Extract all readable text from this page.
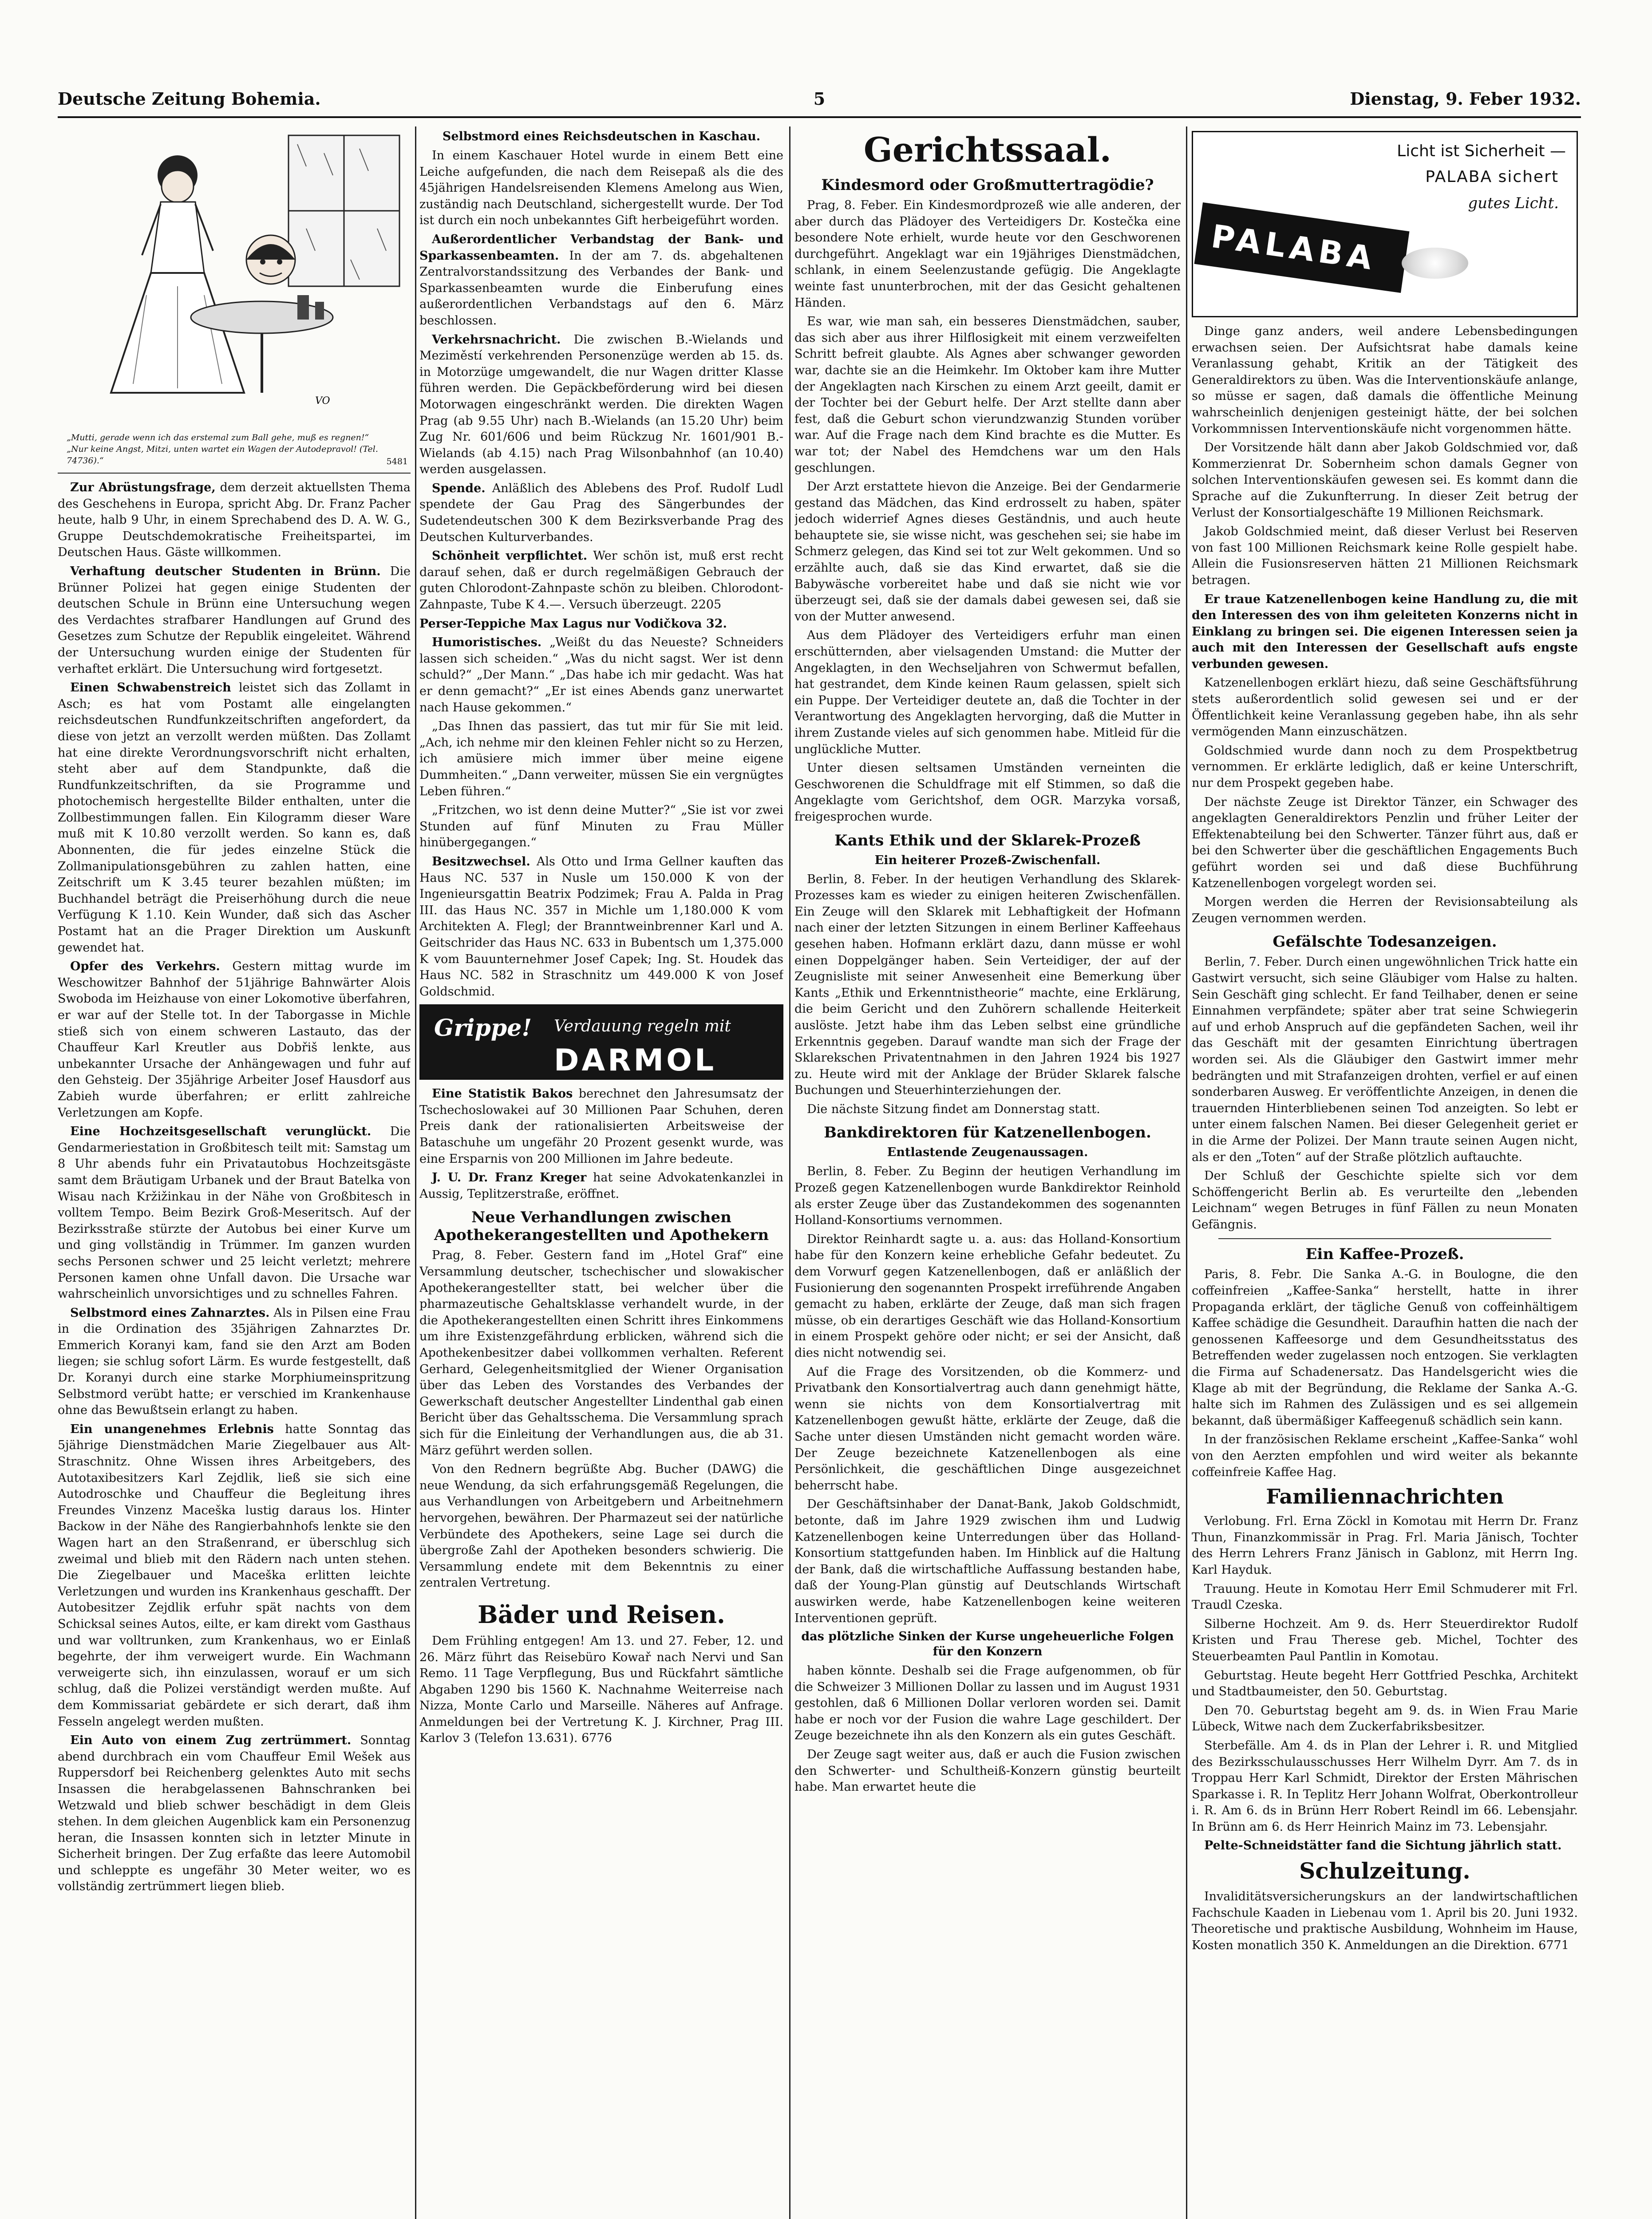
Deutsche Zeitung Bohemia.	5	Dienstag, 9. Feber 1932.
VO
„Mutti, gerade wenn ich das erstemal zum Ball gehe, muß es regnen!“
„Nur keine Angst, Mitzi, unten wartet ein Wagen der Autodepravol! (Tel. 74736).“	5481

Zur Abrüstungsfrage, dem derzeit aktuellsten Thema des Geschehens in Europa, spricht Abg. Dr. Franz Pacher heute, halb 9 Uhr, in einem Sprechabend des D. A. W. G., Gruppe Deutschdemokratische Freiheitspartei, im Deutschen Haus. Gäste willkommen.

Verhaftung deutscher Studenten in Brünn. Die Brünner Polizei hat gegen einige Studenten der deutschen Schule in Brünn eine Untersuchung wegen des Verdachtes strafbarer Handlungen auf Grund des Gesetzes zum Schutze der Republik eingeleitet. Während der Untersuchung wurden einige der Studenten für verhaftet erklärt. Die Untersuchung wird fortgesetzt.

Einen Schwabenstreich leistet sich das Zollamt in Asch; es hat vom Postamt alle eingelangten reichsdeutschen Rundfunkzeitschriften angefordert, da diese von jetzt an verzollt werden müßten. Das Zollamt hat eine direkte Verordnungsvorschrift nicht erhalten, steht aber auf dem Standpunkte, daß die Rundfunkzeitschriften, da sie Programme und photochemisch hergestellte Bilder enthalten, unter die Zollbestimmungen fallen. Ein Kilogramm dieser Ware muß mit K 10.80 verzollt werden. So kann es, daß Abonnenten, die für jedes einzelne Stück die Zollmanipulationsgebühren zu zahlen hatten, eine Zeitschrift um K 3.45 teurer bezahlen müßten; im Buchhandel beträgt die Preiserhöhung durch die neue Verfügung K 1.10. Kein Wunder, daß sich das Ascher Postamt hat an die Prager Direktion um Auskunft gewendet hat.

Opfer des Verkehrs. Gestern mittag wurde im Weschowitzer Bahnhof der 51jährige Bahnwärter Alois Swoboda im Heizhause von einer Lokomotive überfahren, er war auf der Stelle tot. In der Taborgasse in Michle stieß sich von einem schweren Lastauto, das der Chauffeur Karl Kreutler aus Dobřiš lenkte, aus unbekannter Ursache der Anhängewagen und fuhr auf den Gehsteig. Der 35jährige Arbeiter Josef Hausdorf aus Zabieh wurde überfahren; er erlitt zahlreiche Verletzungen am Kopfe.

Eine Hochzeitsgesellschaft verunglückt. Die Gendarmeriestation in Großbitesch teilt mit: Samstag um 8 Uhr abends fuhr ein Privatautobus Hochzeitsgäste samt dem Bräutigam Urbanek und der Braut Batelka von Wisau nach Kržižinkau in der Nähe von Großbitesch in volltem Tempo. Beim Bezirk Groß-Meseritsch. Auf der Bezirksstraße stürzte der Autobus bei einer Kurve um und ging vollständig in Trümmer. Im ganzen wurden sechs Personen schwer und 25 leicht verletzt; mehrere Personen kamen ohne Unfall davon. Die Ursache war wahrscheinlich unvorsichtiges und zu schnelles Fahren.

Selbstmord eines Zahnarztes. Als in Pilsen eine Frau in die Ordination des 35jährigen Zahnarztes Dr. Emmerich Koranyi kam, fand sie den Arzt am Boden liegen; sie schlug sofort Lärm. Es wurde festgestellt, daß Dr. Koranyi durch eine starke Morphiumeinspritzung Selbstmord verübt hatte; er verschied im Krankenhause ohne das Bewußtsein erlangt zu haben.

Ein unangenehmes Erlebnis hatte Sonntag das 5jährige Dienstmädchen Marie Ziegelbauer aus Alt-Straschnitz. Ohne Wissen ihres Arbeitgebers, des Autotaxibesitzers Karl Zejdlik, ließ sie sich eine Autodroschke und Chauffeur die Begleitung ihres Freundes Vinzenz Maceška lustig daraus los. Hinter Backow in der Nähe des Rangierbahnhofs lenkte sie den Wagen hart an den Straßenrand, er überschlug sich zweimal und blieb mit den Rädern nach unten stehen. Die Ziegelbauer und Maceška erlitten leichte Verletzungen und wurden ins Krankenhaus geschafft. Der Autobesitzer Zejdlik erfuhr spät nachts von dem Schicksal seines Autos, eilte, er kam direkt vom Gasthaus und war volltrunken, zum Krankenhaus, wo er Einlaß begehrte, der ihm verweigert wurde. Ein Wachmann verweigerte sich, ihn einzulassen, worauf er um sich schlug, daß die Polizei verständigt werden mußte. Auf dem Kommissariat gebärdete er sich derart, daß ihm Fesseln angelegt werden mußten.

Ein Auto von einem Zug zertrümmert. Sonntag abend durchbrach ein vom Chauffeur Emil Wešek aus Ruppersdorf bei Reichenberg gelenktes Auto mit sechs Insassen die herabgelassenen Bahnschranken bei Wetzwald und blieb schwer beschädigt in dem Gleis stehen. In dem gleichen Augenblick kam ein Personenzug heran, die Insassen konnten sich in letzter Minute in Sicherheit bringen. Der Zug erfaßte das leere Automobil und schleppte es ungefähr 30 Meter weiter, wo es vollständig zertrümmert liegen blieb.

Selbstmord eines Reichsdeutschen in Kaschau.

In einem Kaschauer Hotel wurde in einem Bett eine Leiche aufgefunden, die nach dem Reisepaß als die des 45jährigen Handelsreisenden Klemens Amelong aus Wien, zuständig nach Deutschland, sichergestellt wurde. Der Tod ist durch ein noch unbekanntes Gift herbeigeführt worden.

Außerordentlicher Verbandstag der Bank- und Sparkassenbeamten. In der am 7. ds. abgehaltenen Zentralvorstandssitzung des Verbandes der Bank- und Sparkassenbeamten wurde die Einberufung eines außerordentlichen Verbandstags auf den 6. März beschlossen.

Verkehrsnachricht. Die zwischen B.-Wielands und Meziměstí verkehrenden Personenzüge werden ab 15. ds. in Motorzüge umgewandelt, die nur Wagen dritter Klasse führen werden. Die Gepäckbeförderung wird bei diesen Motorwagen eingeschränkt werden. Die direkten Wagen Prag (ab 9.55 Uhr) nach B.-Wielands (an 15.20 Uhr) beim Zug Nr. 601/606 und beim Rückzug Nr. 1601/901 B.-Wielands (ab 4.15) nach Prag Wilsonbahnhof (an 10.40) werden ausgelassen.

Spende. Anläßlich des Ablebens des Prof. Rudolf Ludl spendete der Gau Prag des Sängerbundes der Sudetendeutschen 300 K dem Bezirksverbande Prag des Deutschen Kulturverbandes.

Schönheit verpflichtet. Wer schön ist, muß erst recht darauf sehen, daß er durch regelmäßigen Gebrauch der guten Chlorodont-Zahnpaste schön zu bleiben. Chlorodont-Zahnpaste, Tube K 4.—. Versuch überzeugt. 2205

Perser-Teppiche Max Lagus nur Vodičkova 32.

Humoristisches. „Weißt du das Neueste? Schneiders lassen sich scheiden.“ „Was du nicht sagst. Wer ist denn schuld?“ „Der Mann.“ „Das habe ich mir gedacht. Was hat er denn gemacht?“ „Er ist eines Abends ganz unerwartet nach Hause gekommen.“

„Das Ihnen das passiert, das tut mir für Sie mit leid. „Ach, ich nehme mir den kleinen Fehler nicht so zu Herzen, ich amüsiere mich immer über meine eigene Dummheiten.“ „Dann verweiter, müssen Sie ein vergnügtes Leben führen.“

„Fritzchen, wo ist denn deine Mutter?“ „Sie ist vor zwei Stunden auf fünf Minuten zu Frau Müller hinübergegangen.“

Besitzwechsel. Als Otto und Irma Gellner kauften das Haus NC. 537 in Nusle um 150.000 K von der Ingenieursgattin Beatrix Podzimek; Frau A. Palda in Prag III. das Haus NC. 357 in Michle um 1,180.000 K vom Architekten A. Flegl; der Branntweinbrenner Karl und A. Geitschrider das Haus NC. 633 in Bubentsch um 1,375.000 K vom Bauunternehmer Josef Capek; Ing. St. Houdek das Haus NC. 582 in Straschnitz um 449.000 K von Josef Goldschmid.

Grippe! Verdauung regeln mit
DARMOL

Eine Statistik Bakos berechnet den Jahresumsatz der Tschechoslowakei auf 30 Millionen Paar Schuhen, deren Preis dank der rationalisierten Arbeitsweise der Bataschuhe um ungefähr 20 Prozent gesenkt wurde, was eine Ersparnis von 200 Millionen im Jahre bedeute.

J. U. Dr. Franz Kreger hat seine Advokatenkanzlei in Aussig, Teplitzerstraße, eröffnet.

Neue Verhandlungen zwischen Apothekerangestellten und Apothekern

Prag, 8. Feber. Gestern fand im „Hotel Graf“ eine Versammlung deutscher, tschechischer und slowakischer Apothekerangestellter statt, bei welcher über die pharmazeutische Gehaltsklasse verhandelt wurde, in der die Apothekerangestellten einen Schritt ihres Einkommens um ihre Existenzgefährdung erblicken, während sich die Apothekenbesitzer dabei vollkommen verhalten. Referent Gerhard, Gelegenheitsmitglied der Wiener Organisation über das Leben des Vorstandes des Verbandes der Gewerkschaft deutscher Angestellter Lindenthal gab einen Bericht über das Gehaltsschema. Die Versammlung sprach sich für die Einleitung der Verhandlungen aus, die ab 31. März geführt werden sollen.

Von den Rednern begrüßte Abg. Bucher (DAWG) die neue Wendung, da sich erfahrungsgemäß Regelungen, die aus Verhandlungen von Arbeitgebern und Arbeitnehmern hervorgehen, bewähren. Der Pharmazeut sei der natürliche Verbündete des Apothekers, seine Lage sei durch die übergroße Zahl der Apotheken besonders schwierig. Die Versammlung endete mit dem Bekenntnis zu einer zentralen Vertretung.

Bäder und Reisen.

Dem Frühling entgegen! Am 13. und 27. Feber, 12. und 26. März führt das Reisebüro Kowař nach Nervi und San Remo. 11 Tage Verpflegung, Bus und Rückfahrt sämtliche Abgaben 1290 bis 1560 K. Nachnahme Weiterreise nach Nizza, Monte Carlo und Marseille. Näheres auf Anfrage. Anmeldungen bei der Vertretung K. J. Kirchner, Prag III. Karlov 3 (Telefon 13.631). 6776

Gerichtssaal.
Kindesmord oder Großmuttertragödie?

Prag, 8. Feber. Ein Kindesmordprozeß wie alle anderen, der aber durch das Plädoyer des Verteidigers Dr. Kostečka eine besondere Note erhielt, wurde heute vor den Geschworenen durchgeführt. Angeklagt war ein 19jähriges Dienstmädchen, schlank, in einem Seelenzustande gefügig. Die Angeklagte weinte fast ununterbrochen, mit der das Gesicht gehaltenen Händen.

Es war, wie man sah, ein besseres Dienstmädchen, sauber, das sich aber aus ihrer Hilflosigkeit mit einem verzweifelten Schritt befreit glaubte. Als Agnes aber schwanger geworden war, dachte sie an die Heimkehr. Im Oktober kam ihre Mutter der Angeklagten nach Kirschen zu einem Arzt geeilt, damit er der Tochter bei der Geburt helfe. Der Arzt stellte dann aber fest, daß die Geburt schon vierundzwanzig Stunden vorüber war. Auf die Frage nach dem Kind brachte es die Mutter. Es war tot; der Nabel des Hemdchens war um den Hals geschlungen.

Der Arzt erstattete hievon die Anzeige. Bei der Gendarmerie gestand das Mädchen, das Kind erdrosselt zu haben, später jedoch widerrief Agnes dieses Geständnis, und auch heute behauptete sie, sie wisse nicht, was geschehen sei; sie habe im Schmerz gelegen, das Kind sei tot zur Welt gekommen. Und so erzählte auch, daß sie das Kind erwartet, daß sie die Babywäsche vorbereitet habe und daß sie nicht wie vor überzeugt sei, daß sie der damals dabei gewesen sei, daß sie von der Mutter anwesend.

Aus dem Plädoyer des Verteidigers erfuhr man einen erschütternden, aber vielsagenden Umstand: die Mutter der Angeklagten, in den Wechseljahren von Schwermut befallen, hat gestrandet, dem Kinde keinen Raum gelassen, spielt sich ein Puppe. Der Verteidiger deutete an, daß die Tochter in der Verantwortung des Angeklagten hervorging, daß die Mutter in ihrem Zustande vieles auf sich genommen habe. Mitleid für die unglückliche Mutter.

Unter diesen seltsamen Umständen verneinten die Geschworenen die Schuldfrage mit elf Stimmen, so daß die Angeklagte vom Gerichtshof, dem OGR. Marzyka vorsaß, freigesprochen wurde.

Kants Ethik und der Sklarek-Prozeß
Ein heiterer Prozeß-Zwischenfall.

Berlin, 8. Feber. In der heutigen Verhandlung des Sklarek-Prozesses kam es wieder zu einigen heiteren Zwischenfällen. Ein Zeuge will den Sklarek mit Lebhaftigkeit der Hofmann nach einer der letzten Sitzungen in einem Berliner Kaffeehaus gesehen haben. Hofmann erklärt dazu, dann müsse er wohl einen Doppelgänger haben. Sein Verteidiger, der auf der Zeugnisliste mit seiner Anwesenheit eine Bemerkung über Kants „Ethik und Erkenntnistheorie“ machte, eine Erklärung, die beim Gericht und den Zuhörern schallende Heiterkeit auslöste. Jetzt habe ihm das Leben selbst eine gründliche Erkenntnis gegeben. Darauf wandte man sich der Frage der Sklarekschen Privatentnahmen in den Jahren 1924 bis 1927 zu. Heute wird mit der Anklage der Brüder Sklarek falsche Buchungen und Steuerhinterziehungen der.

Die nächste Sitzung findet am Donnerstag statt.

Bankdirektoren für Katzenellenbogen.
Entlastende Zeugenaussagen.

Berlin, 8. Feber. Zu Beginn der heutigen Verhandlung im Prozeß gegen Katzenellenbogen wurde Bankdirektor Reinhold als erster Zeuge über das Zustandekommen des sogenannten Holland-Konsortiums vernommen.

Direktor Reinhardt sagte u. a. aus: das Holland-Konsortium habe für den Konzern keine erhebliche Gefahr bedeutet. Zu dem Vorwurf gegen Katzenellenbogen, daß er anläßlich der Fusionierung den sogenannten Prospekt irreführende Angaben gemacht zu haben, erklärte der Zeuge, daß man sich fragen müsse, ob ein derartiges Geschäft wie das Holland-Konsortium in einem Prospekt gehöre oder nicht; er sei der Ansicht, daß dies nicht notwendig sei.

Auf die Frage des Vorsitzenden, ob die Kommerz- und Privatbank den Konsortialvertrag auch dann genehmigt hätte, wenn sie nichts von dem Konsortialvertrag mit Katzenellenbogen gewußt hätte, erklärte der Zeuge, daß die Sache unter diesen Umständen nicht gemacht worden wäre. Der Zeuge bezeichnete Katzenellenbogen als eine Persönlichkeit, die geschäftlichen Dinge ausgezeichnet beherrscht habe.

Der Geschäftsinhaber der Danat-Bank, Jakob Goldschmidt, betonte, daß im Jahre 1929 zwischen ihm und Ludwig Katzenellenbogen keine Unterredungen über das Holland-Konsortium stattgefunden haben. Im Hinblick auf die Haltung der Bank, daß die wirtschaftliche Auffassung bestanden habe, daß der Young-Plan günstig auf Deutschlands Wirtschaft auswirken werde, habe Katzenellenbogen keine weiteren Interventionen geprüft.

das plötzliche Sinken der Kurse ungeheuerliche Folgen für den Konzern

haben könnte. Deshalb sei die Frage aufgenommen, ob für die Schweizer 3 Millionen Dollar zu lassen und im August 1931 gestohlen, daß 6 Millionen Dollar verloren worden sei. Damit habe er noch vor der Fusion die wahre Lage geschildert. Der Zeuge bezeichnete ihn als den Konzern als ein gutes Geschäft.

Der Zeuge sagt weiter aus, daß er auch die Fusion zwischen den Schwerter- und Schultheiß-Konzern günstig beurteilt habe. Man erwartet heute die

Licht ist Sicherheit —
PALABA sichert
gutes Licht.
PALABA

Dinge ganz anders, weil andere Lebensbedingungen erwachsen seien. Der Aufsichtsrat habe damals keine Veranlassung gehabt, Kritik an der Tätigkeit des Generaldirektors zu üben. Was die Interventionskäufe anlange, so müsse er sagen, daß damals die öffentliche Meinung wahrscheinlich denjenigen gesteinigt hätte, der bei solchen Vorkommnissen Interventionskäufe nicht vorgenommen hätte.

Der Vorsitzende hält dann aber Jakob Goldschmied vor, daß Kommerzienrat Dr. Sobernheim schon damals Gegner von solchen Interventionskäufen gewesen sei. Es kommt dann die Sprache auf die Zukunfterrung. In dieser Zeit betrug der Verlust der Konsortialgeschäfte 19 Millionen Reichsmark.

Jakob Goldschmied meint, daß dieser Verlust bei Reserven von fast 100 Millionen Reichsmark keine Rolle gespielt habe. Allein die Fusionsreserven hätten 21 Millionen Reichsmark betragen.

Er traue Katzenellenbogen keine Handlung zu, die mit den Interessen des von ihm geleiteten Konzerns nicht in Einklang zu bringen sei. Die eigenen Interessen seien ja auch mit den Interessen der Gesellschaft aufs engste verbunden gewesen.

Katzenellenbogen erklärt hiezu, daß seine Geschäftsführung stets außerordentlich solid gewesen sei und er der Öffentlichkeit keine Veranlassung gegeben habe, ihn als sehr vermögenden Mann einzuschätzen.

Goldschmied wurde dann noch zu dem Prospektbetrug vernommen. Er erklärte lediglich, daß er keine Unterschrift, nur dem Prospekt gegeben habe.

Der nächste Zeuge ist Direktor Tänzer, ein Schwager des angeklagten Generaldirektors Penzlin und früher Leiter der Effektenabteilung bei den Schwerter. Tänzer führt aus, daß er bei den Schwerter über die geschäftlichen Engagements Buch geführt worden sei und daß diese Buchführung Katzenellenbogen vorgelegt worden sei.

Morgen werden die Herren der Revisionsabteilung als Zeugen vernommen werden.

Gefälschte Todesanzeigen.

Berlin, 7. Feber. Durch einen ungewöhnlichen Trick hatte ein Gastwirt versucht, sich seine Gläubiger vom Halse zu halten. Sein Geschäft ging schlecht. Er fand Teilhaber, denen er seine Einnahmen verpfändete; später aber trat seine Schwiegerin auf und erhob Anspruch auf die gepfändeten Sachen, weil ihr das Geschäft mit der gesamten Einrichtung übertragen worden sei. Als die Gläubiger den Gastwirt immer mehr bedrängten und mit Strafanzeigen drohten, verfiel er auf einen sonderbaren Ausweg. Er veröffentlichte Anzeigen, in denen die trauernden Hinterbliebenen seinen Tod anzeigten. So lebt er unter einem falschen Namen. Bei dieser Gelegenheit geriet er in die Arme der Polizei. Der Mann traute seinen Augen nicht, als er den „Toten“ auf der Straße plötzlich auftauchte.

Der Schluß der Geschichte spielte sich vor dem Schöffengericht Berlin ab. Es verurteilte den „lebenden Leichnam“ wegen Betruges in fünf Fällen zu neun Monaten Gefängnis.

Ein Kaffee-Prozeß.

Paris, 8. Febr. Die Sanka A.-G. in Boulogne, die den coffeinfreien „Kaffee-Sanka“ herstellt, hatte in ihrer Propaganda erklärt, der tägliche Genuß von coffeinhältigem Kaffee schädige die Gesundheit. Daraufhin hatten die nach der genossenen Kaffeesorge und dem Gesundheitsstatus des Betreffenden weder zugelassen noch entzogen. Sie verklagten die Firma auf Schadenersatz. Das Handelsgericht wies die Klage ab mit der Begründung, die Reklame der Sanka A.-G. halte sich im Rahmen des Zulässigen und es sei allgemein bekannt, daß übermäßiger Kaffeegenuß schädlich sein kann.

In der französischen Reklame erscheint „Kaffee-Sanka“ wohl von den Aerzten empfohlen und wird weiter als bekannte coffeinfreie Kaffee Hag.

Familiennachrichten

Verlobung. Frl. Erna Zöckl in Komotau mit Herrn Dr. Franz Thun, Finanzkommissär in Prag. Frl. Maria Jänisch, Tochter des Herrn Lehrers Franz Jänisch in Gablonz, mit Herrn Ing. Karl Hayduk.

Trauung. Heute in Komotau Herr Emil Schmuderer mit Frl. Traudl Czeska.

Silberne Hochzeit. Am 9. ds. Herr Steuerdirektor Rudolf Kristen und Frau Therese geb. Michel, Tochter des Steuerbeamten Paul Pantlin in Komotau.

Geburtstag. Heute begeht Herr Gottfried Peschka, Architekt und Stadtbaumeister, den 50. Geburtstag.

Den 70. Geburtstag begeht am 9. ds. in Wien Frau Marie Lübeck, Witwe nach dem Zuckerfabriksbesitzer.

Sterbefälle. Am 4. ds in Plan der Lehrer i. R. und Mitglied des Bezirksschulausschusses Herr Wilhelm Dyrr. Am 7. ds in Troppau Herr Karl Schmidt, Direktor der Ersten Mährischen Sparkasse i. R. In Teplitz Herr Johann Wolfrat, Oberkontrolleur i. R. Am 6. ds in Brünn Herr Robert Reindl im 66. Lebensjahr. In Brünn am 6. ds Herr Heinrich Mainz im 73. Lebensjahr.

Pelte-Schneidstätter fand die Sichtung jährlich statt.

Schulzeitung.

Invaliditätsversicherungskurs an der landwirtschaftlichen Fachschule Kaaden in Liebenau vom 1. April bis 20. Juni 1932. Theoretische und praktische Ausbildung, Wohnheim im Hause, Kosten monatlich 350 K. Anmeldungen an die Direktion. 6771
